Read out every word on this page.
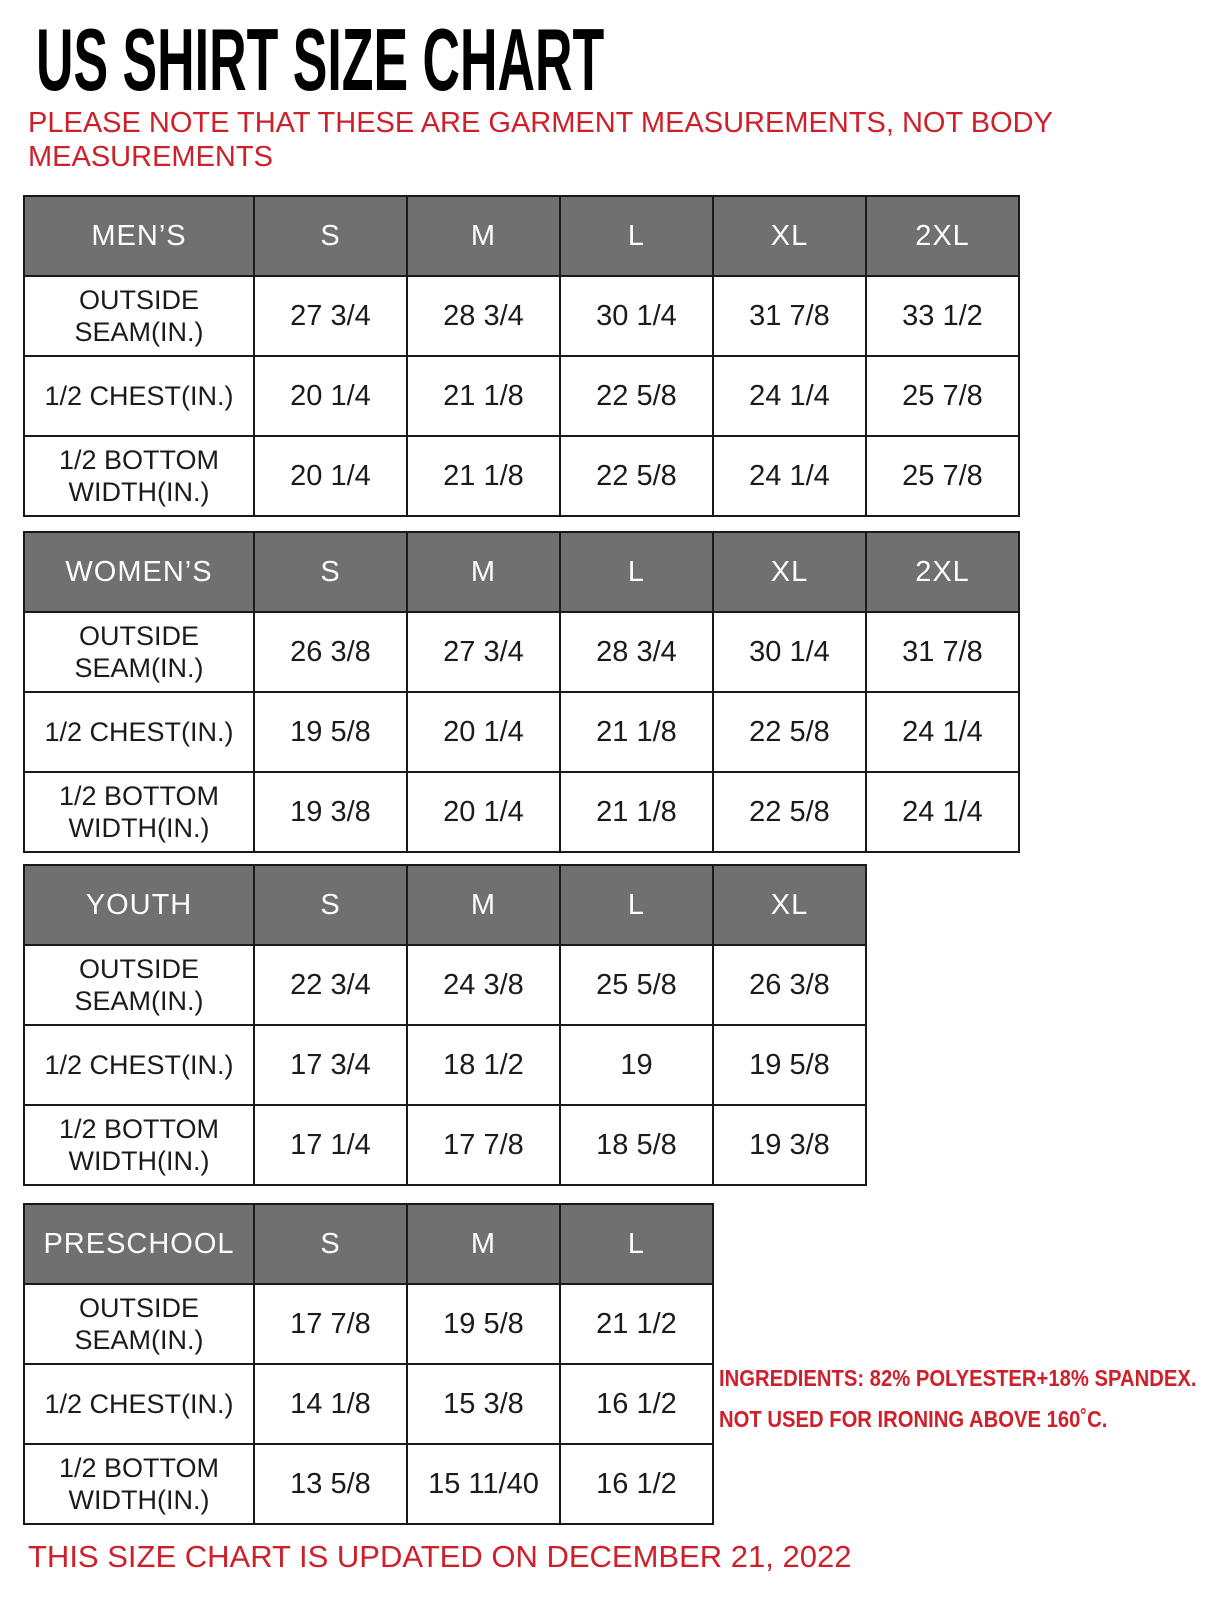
US SHIRT SIZE CHART
PLEASE NOTE THAT THESE ARE GARMENT MEASUREMENTS, NOT BODY MEASUREMENTS
MEN’S	S	M	L	XL	2XL
OUTSIDE SEAM(IN.)	27 3/4	28 3/4	30 1/4	31 7/8	33 1/2
1/2 CHEST(IN.)	20 1/4	21 1/8	22 5/8	24 1/4	25 7/8
1/2 BOTTOM WIDTH(IN.)	20 1/4	21 1/8	22 5/8	24 1/4	25 7/8
WOMEN’S	S	M	L	XL	2XL
OUTSIDE SEAM(IN.)	26 3/8	27 3/4	28 3/4	30 1/4	31 7/8
1/2 CHEST(IN.)	19 5/8	20 1/4	21 1/8	22 5/8	24 1/4
1/2 BOTTOM WIDTH(IN.)	19 3/8	20 1/4	21 1/8	22 5/8	24 1/4
YOUTH	S	M	L	XL
OUTSIDE SEAM(IN.)	22 3/4	24 3/8	25 5/8	26 3/8
1/2 CHEST(IN.)	17 3/4	18 1/2	19	19 5/8
1/2 BOTTOM WIDTH(IN.)	17 1/4	17 7/8	18 5/8	19 3/8
PRESCHOOL	S	M	L
OUTSIDE SEAM(IN.)	17 7/8	19 5/8	21 1/2
1/2 CHEST(IN.)	14 1/8	15 3/8	16 1/2
1/2 BOTTOM WIDTH(IN.)	13 5/8	15 11/40	16 1/2
INGREDIENTS: 82% POLYESTER+18% SPANDEX.
NOT USED FOR IRONING ABOVE 160˚C.
THIS SIZE CHART IS UPDATED ON DECEMBER 21, 2022
